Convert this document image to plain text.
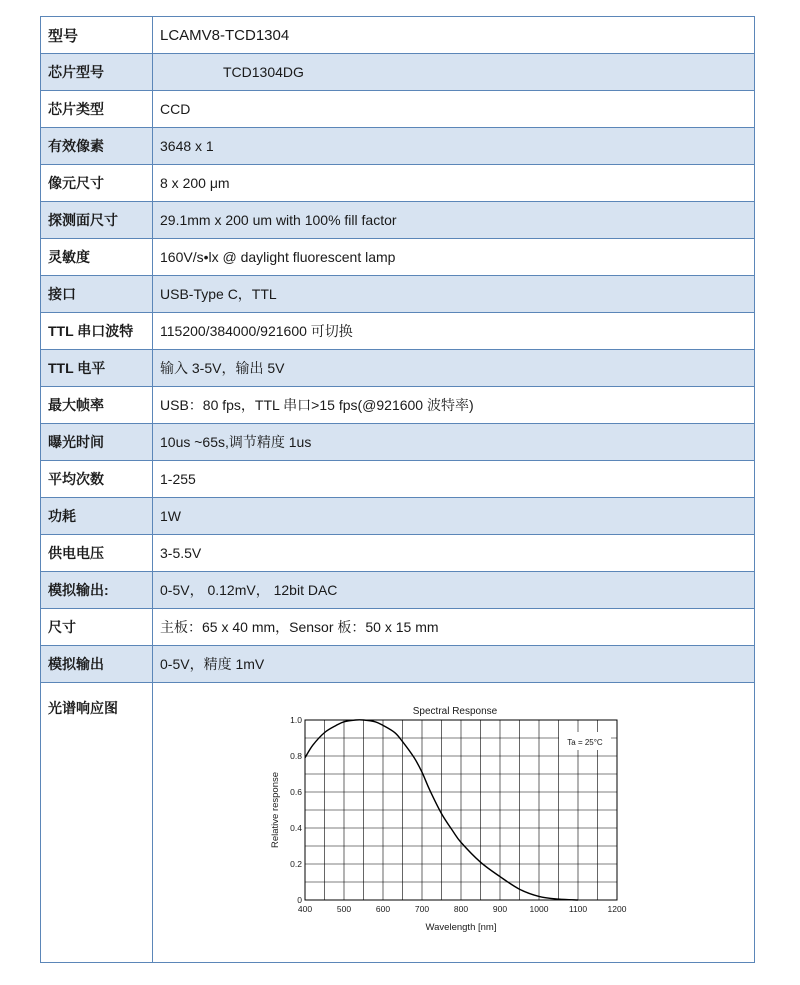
型号	LCAMV8-TCD1304
芯片型号	TCD1304DG
芯片类型	CCD
有效像素	3648 x 1
像元尺寸	8 x 200 μm
探测面尺寸	29.1mm x 200 um with 100% fill factor
灵敏度	160V/s•lx @ daylight fluorescent lamp
接口	USB-Type C，TTL
TTL 串口波特	115200/384000/921600 可切换
TTL 电平	输入 3-5V，输出 5V
最大帧率	USB：80 fps，TTL 串口>15 fps(@921600 波特率)
曝光时间	10us ~65s,调节精度 1us
平均次数	1-255
功耗	1W
供电电压	3-5.5V
模拟输出:	0-5V， 0.12mV， 12bit DAC
尺寸	主板：65 x 40 mm，Sensor 板：50 x 15 mm
模拟输出	0-5V，精度 1mV
光谱响应图	
Ta = 25°C
400	500	600	700	800	900	1000 1100 1200
0
0.2
0.4
0.6
0.8
1.0
Spectral Response
Wavelength [nm]
Relative response
